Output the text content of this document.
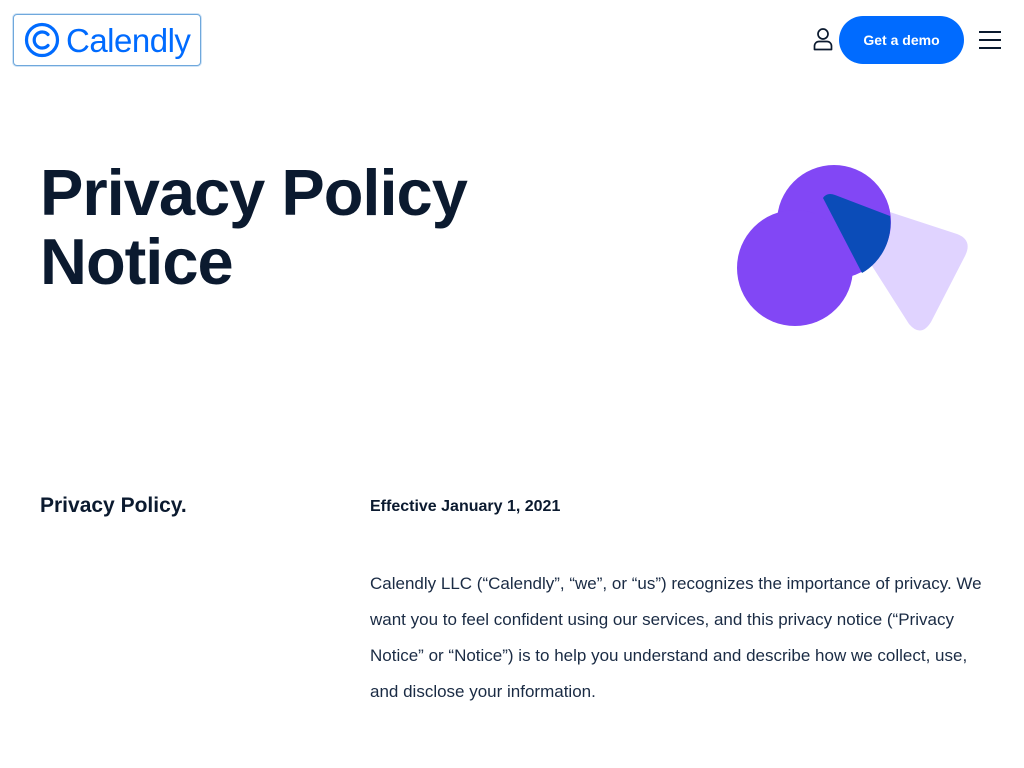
Calendly	Get a demo
Privacy Policy Notice
Privacy Policy.	Effective January 1, 2021

Calendly LLC (“Calendly”, “we”, or “us”) recognizes the importance of privacy. We want you to feel confident using our services, and this privacy notice (“Privacy Notice” or “Notice”) is to help you understand and describe how we collect, use, and disclose your information.
